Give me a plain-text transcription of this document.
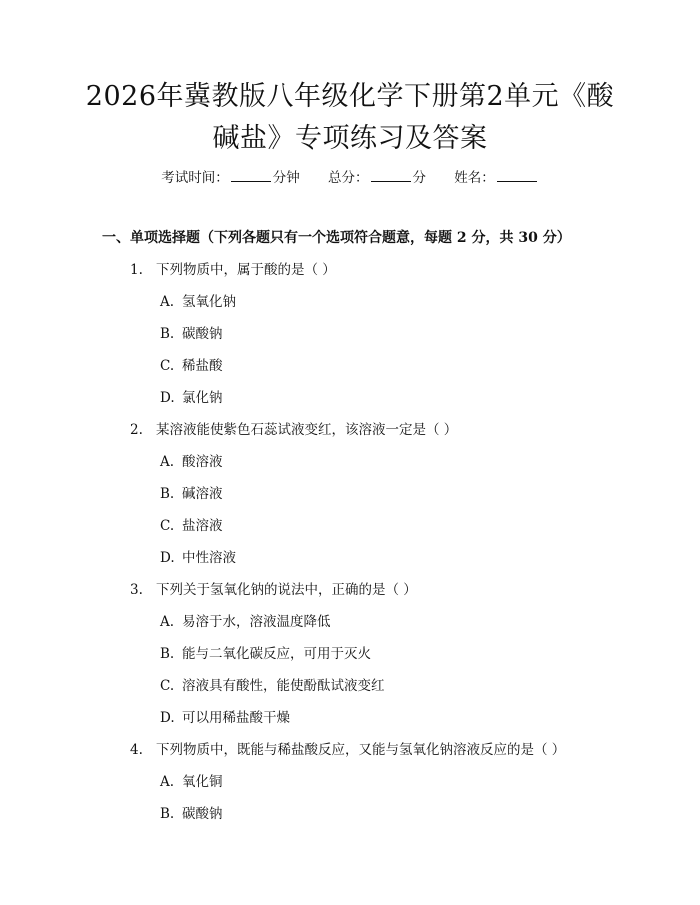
2026年冀教版八年级化学下册第2单元《酸碱盐》专项练习及答案
考试时间：	分钟 总分：	分 姓名：
一、单项选择题（下列各题只有一个选项符合题意，每题 2 分，共 30 分）
1. 下列物质中，属于酸的是（ ）
A. 氢氧化钠
B. 碳酸钠
C. 稀盐酸
D. 氯化钠
2. 某溶液能使紫色石蕊试液变红，该溶液一定是（ ）
A. 酸溶液
B. 碱溶液
C. 盐溶液
D. 中性溶液
3. 下列关于氢氧化钠的说法中，正确的是（ ）
A. 易溶于水，溶液温度降低
B. 能与二氧化碳反应，可用于灭火
C. 溶液具有酸性，能使酚酞试液变红
D. 可以用稀盐酸干燥
4. 下列物质中，既能与稀盐酸反应，又能与氢氧化钠溶液反应的是（ ）
A. 氧化铜
B. 碳酸钠
